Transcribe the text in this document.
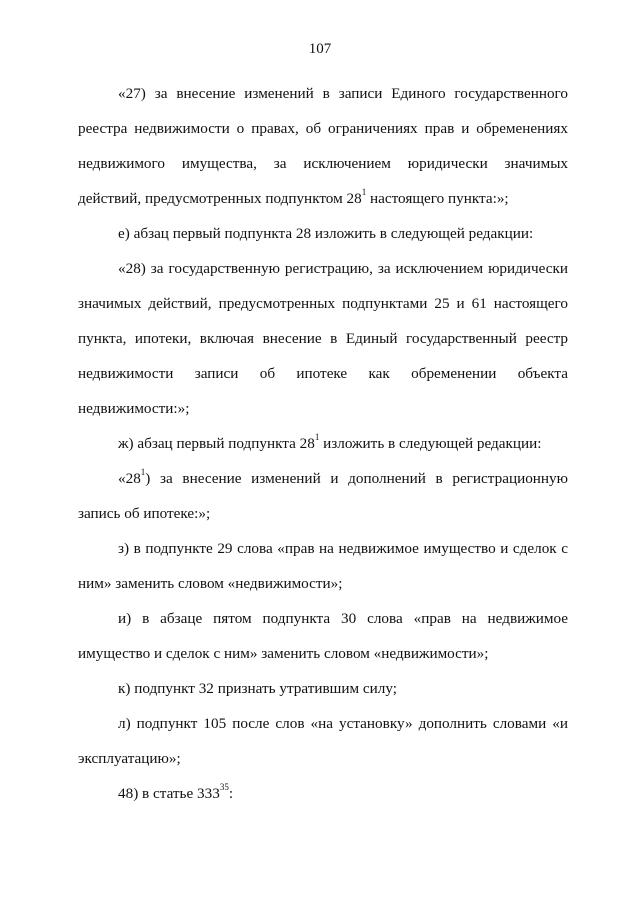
107

«27) за внесение изменений в записи Единого государственного реестра недвижимости о правах, об ограничениях прав и обременениях недвижимого имущества, за исключением юридически значимых действий, предусмотренных подпунктом $28^1$ настоящего пункта:»;

е) абзац первый подпункта 28 изложить в следующей редакции:

«28) за государственную регистрацию, за исключением юридически значимых действий, предусмотренных подпунктами 25 и 61 настоящего пункта, ипотеки, включая внесение в Единый государственный реестр недвижимости записи об ипотеке как обременении объекта недвижимости:»;

ж) абзац первый подпункта $28^1$ изложить в следующей редакции:

«$28^1$) за внесение изменений и дополнений в регистрационную запись об ипотеке:»;

з) в подпункте 29 слова «прав на недвижимое имущество и сделок с ним» заменить словом «недвижимости»;

и) в абзаце пятом подпункта 30 слова «прав на недвижимое имущество и сделок с ним» заменить словом «недвижимости»;

к) подпункт 32 признать утратившим силу;

л) подпункт 105 после слов «на установку» дополнить словами «и эксплуатацию»;

48) в статье $333^{35}$:
